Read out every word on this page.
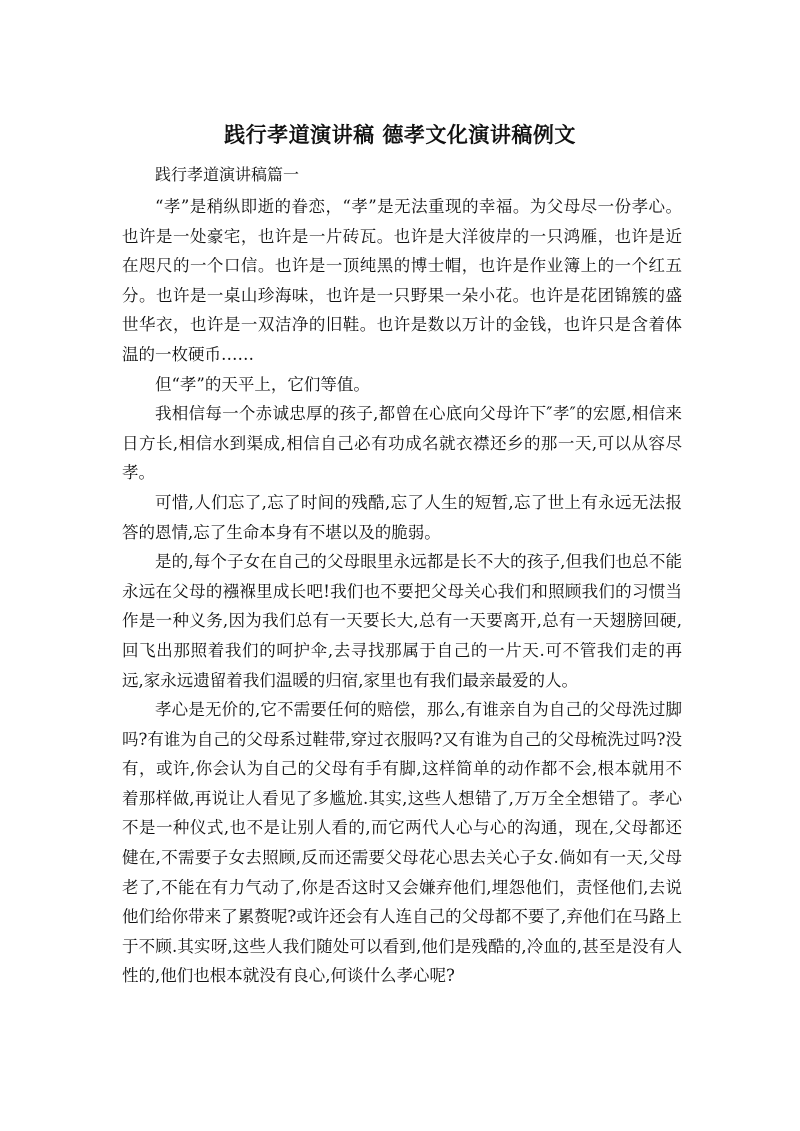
践行孝道演讲稿 德孝文化演讲稿例文
践行孝道演讲稿篇一

“孝”是稍纵即逝的眷恋，“孝”是无法重现的幸福。为父母尽一份孝心。也许是一处豪宅，也许是一片砖瓦。也许是大洋彼岸的一只鸿雁，也许是近在咫尺的一个口信。也许是一顶纯黑的博士帽，也许是作业簿上的一个红五分。也许是一桌山珍海味，也许是一只野果一朵小花。也许是花团锦簇的盛世华衣，也许是一双洁净的旧鞋。也许是数以万计的金钱，也许只是含着体温的一枚硬币……

但“孝”的天平上，它们等值。

我相信每一个赤诚忠厚的孩子,都曾在心底向父母许下″孝″的宏愿,相信来日方长,相信水到渠成,相信自己必有功成名就衣襟还乡的那一天,可以从容尽孝。

可惜,人们忘了,忘了时间的残酷,忘了人生的短暂,忘了世上有永远无法报答的恩情,忘了生命本身有不堪以及的脆弱。

是的,每个子女在自己的父母眼里永远都是长不大的孩子,但我们也总不能永远在父母的襁褓里成长吧!我们也不要把父母关心我们和照顾我们的习惯当作是一种义务,因为我们总有一天要长大,总有一天要离开,总有一天翅膀回硬,回飞出那照着我们的呵护伞,去寻找那属于自己的一片天.可不管我们走的再远,家永远遗留着我们温暖的归宿,家里也有我们最亲最爱的人。

孝心是无价的,它不需要任何的赔偿，那么,有谁亲自为自己的父母洗过脚吗?有谁为自己的父母系过鞋带,穿过衣服吗?又有谁为自己的父母梳洗过吗?没有，或许,你会认为自己的父母有手有脚,这样简单的动作都不会,根本就用不着那样做,再说让人看见了多尴尬.其实,这些人想错了,万万全全想错了。孝心不是一种仪式,也不是让别人看的,而它两代人心与心的沟通，现在,父母都还健在,不需要子女去照顾,反而还需要父母花心思去关心子女.倘如有一天,父母老了,不能在有力气动了,你是否这时又会嫌弃他们,埋怨他们，责怪他们,去说他们给你带来了累赘呢?或许还会有人连自己的父母都不要了,弃他们在马路上于不顾.其实呀,这些人我们随处可以看到,他们是残酷的,冷血的,甚至是没有人性的,他们也根本就没有良心,何谈什么孝心呢?
